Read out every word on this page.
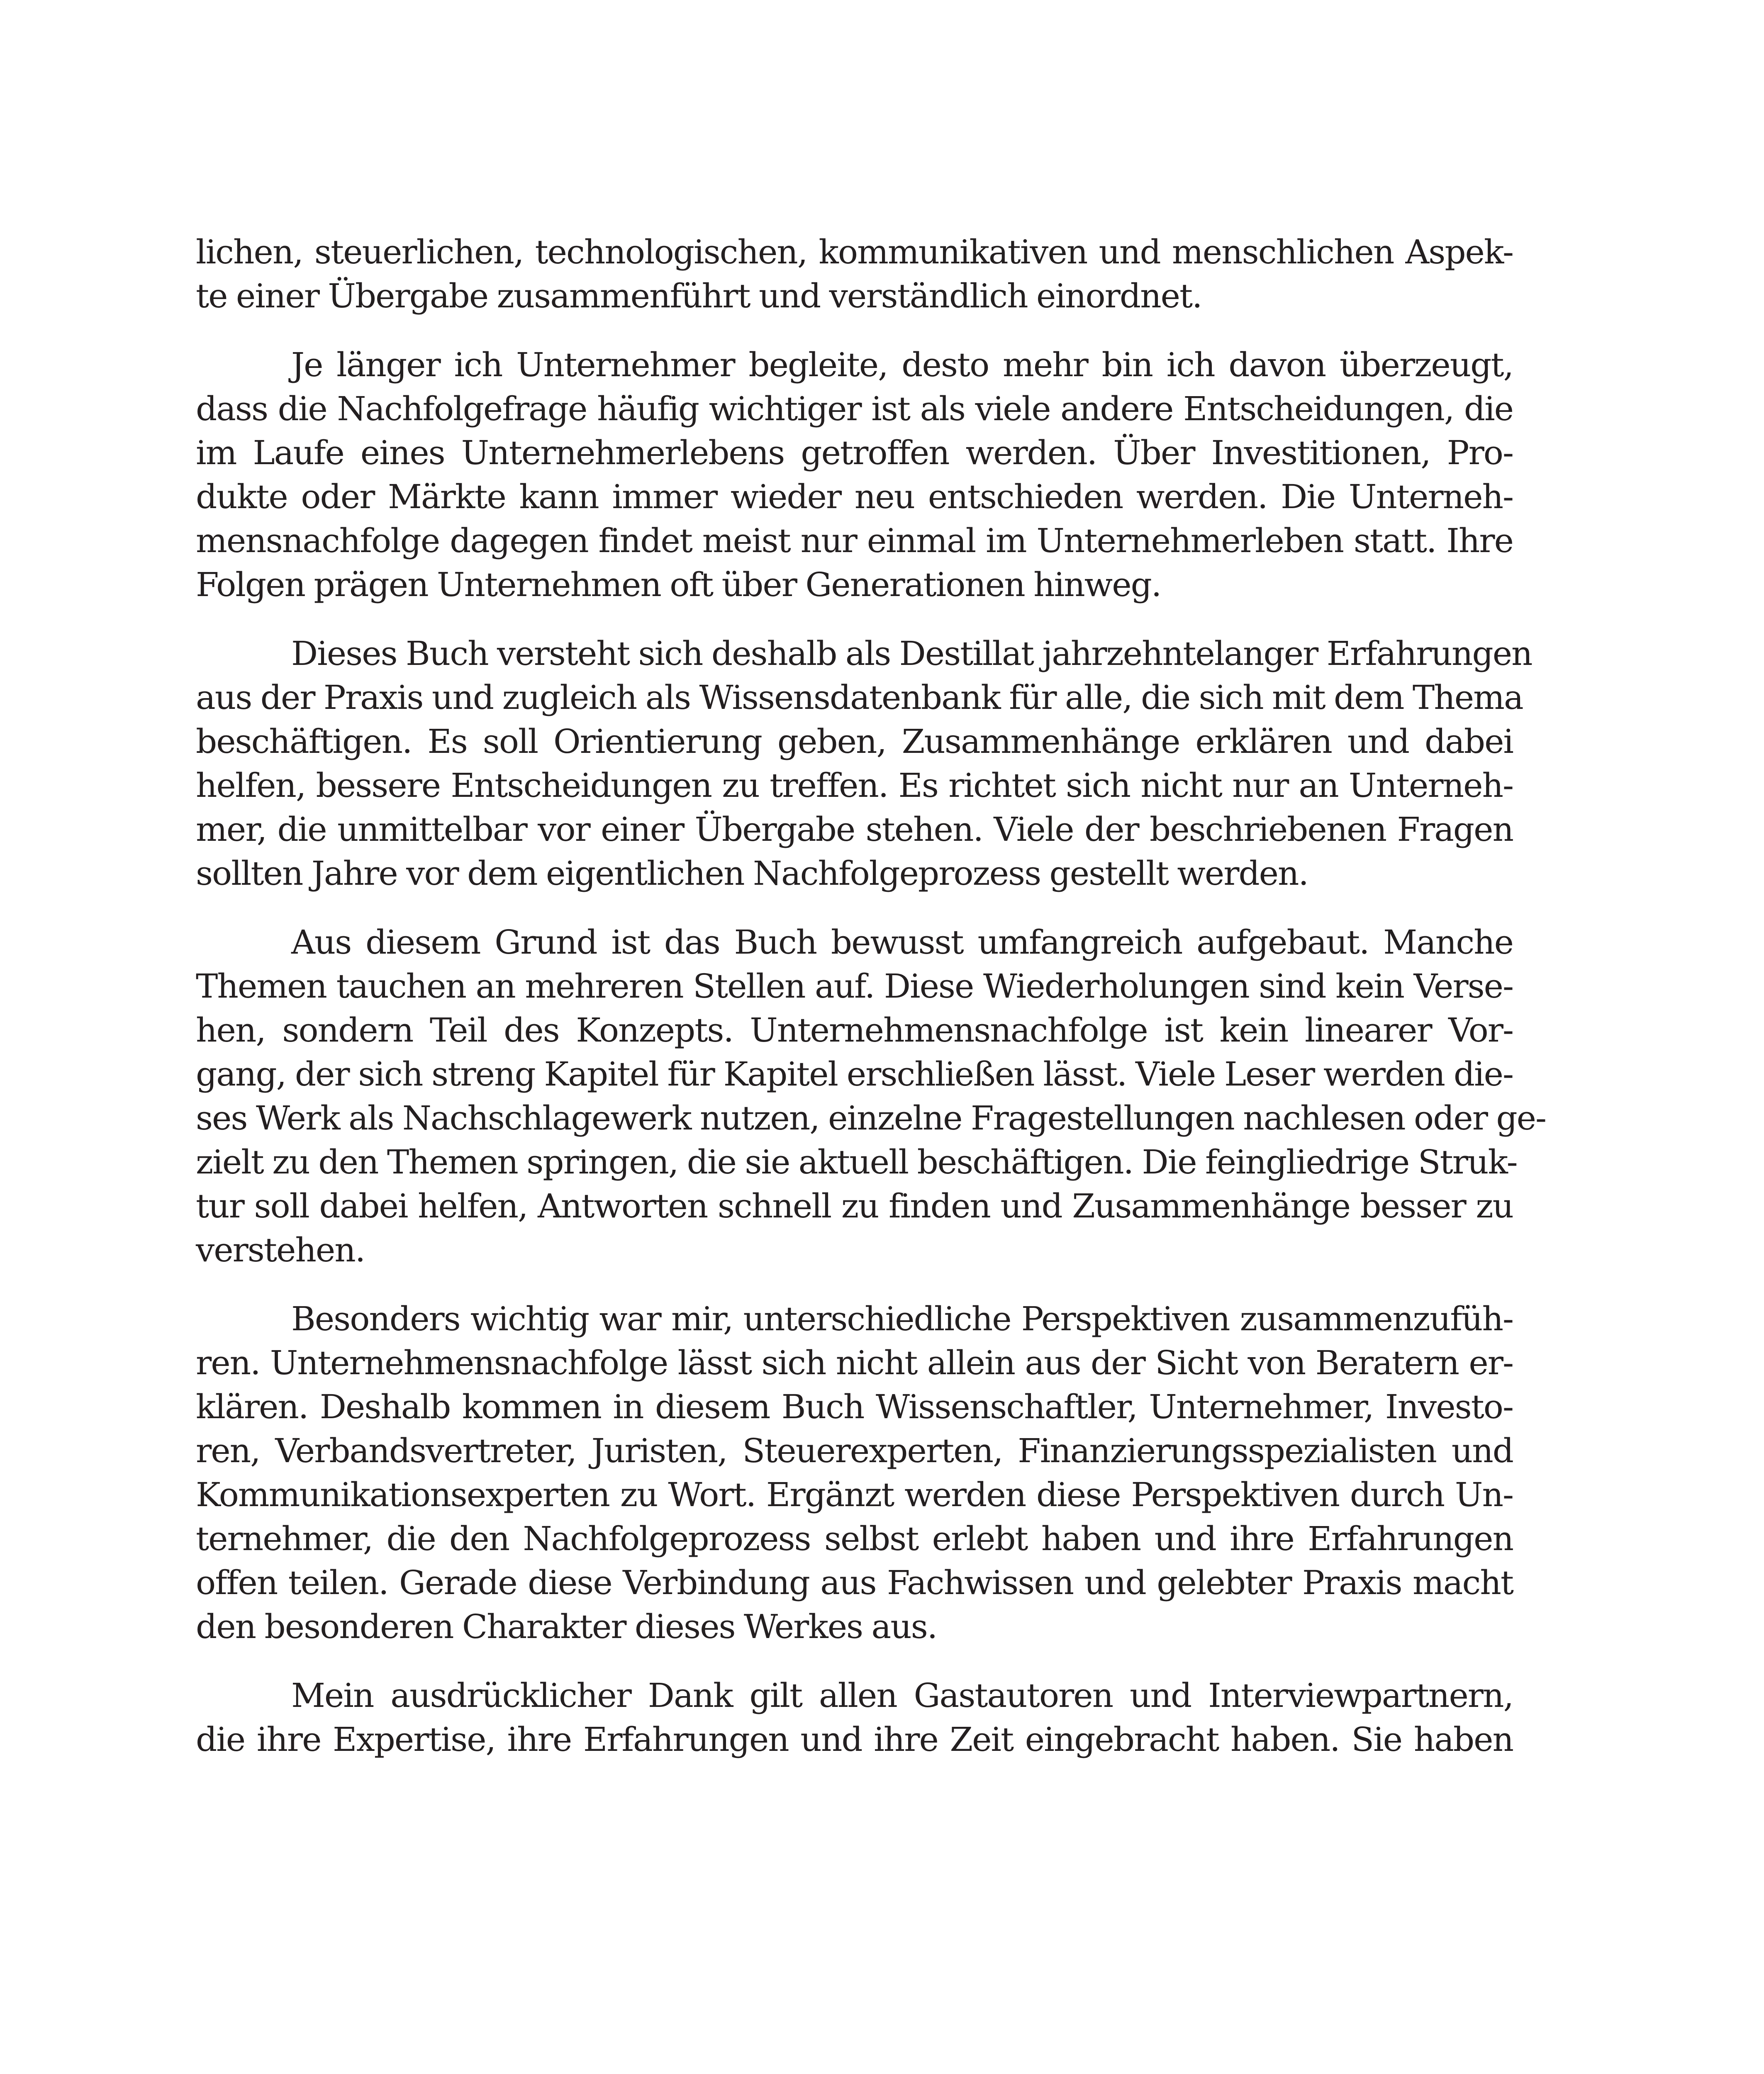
lichen, steuerlichen, technologischen, kommunikativen und menschlichen Aspek-
te einer Übergabe zusammenführt und verständlich einordnet.

Je länger ich Unternehmer begleite, desto mehr bin ich davon überzeugt,
dass die Nachfolgefrage häufig wichtiger ist als viele andere Entscheidungen, die
im Laufe eines Unternehmerlebens getroffen werden. Über Investitionen, Pro-
dukte oder Märkte kann immer wieder neu entschieden werden. Die Unterneh-
mensnachfolge dagegen findet meist nur einmal im Unternehmerleben statt. Ihre
Folgen prägen Unternehmen oft über Generationen hinweg.

Dieses Buch versteht sich deshalb als Destillat jahrzehntelanger Erfahrungen
aus der Praxis und zugleich als Wissensdatenbank für alle, die sich mit dem Thema
beschäftigen. Es soll Orientierung geben, Zusammenhänge erklären und dabei
helfen, bessere Entscheidungen zu treffen. Es richtet sich nicht nur an Unterneh-
mer, die unmittelbar vor einer Übergabe stehen. Viele der beschriebenen Fragen
sollten Jahre vor dem eigentlichen Nachfolgeprozess gestellt werden.

Aus diesem Grund ist das Buch bewusst umfangreich aufgebaut. Manche
Themen tauchen an mehreren Stellen auf. Diese Wiederholungen sind kein Verse-
hen, sondern Teil des Konzepts. Unternehmensnachfolge ist kein linearer Vor-
gang, der sich streng Kapitel für Kapitel erschließen lässt. Viele Leser werden die-
ses Werk als Nachschlagewerk nutzen, einzelne Fragestellungen nachlesen oder ge-
zielt zu den Themen springen, die sie aktuell beschäftigen. Die feingliedrige Struk-
tur soll dabei helfen, Antworten schnell zu finden und Zusammenhänge besser zu
verstehen.

Besonders wichtig war mir, unterschiedliche Perspektiven zusammenzufüh-
ren. Unternehmensnachfolge lässt sich nicht allein aus der Sicht von Beratern er-
klären. Deshalb kommen in diesem Buch Wissenschaftler, Unternehmer, Investo-
ren, Verbandsvertreter, Juristen, Steuerexperten, Finanzierungsspezialisten und
Kommunikationsexperten zu Wort. Ergänzt werden diese Perspektiven durch Un-
ternehmer, die den Nachfolgeprozess selbst erlebt haben und ihre Erfahrungen
offen teilen. Gerade diese Verbindung aus Fachwissen und gelebter Praxis macht
den besonderen Charakter dieses Werkes aus.

Mein ausdrücklicher Dank gilt allen Gastautoren und Interviewpartnern,
die ihre Expertise, ihre Erfahrungen und ihre Zeit eingebracht haben. Sie haben
